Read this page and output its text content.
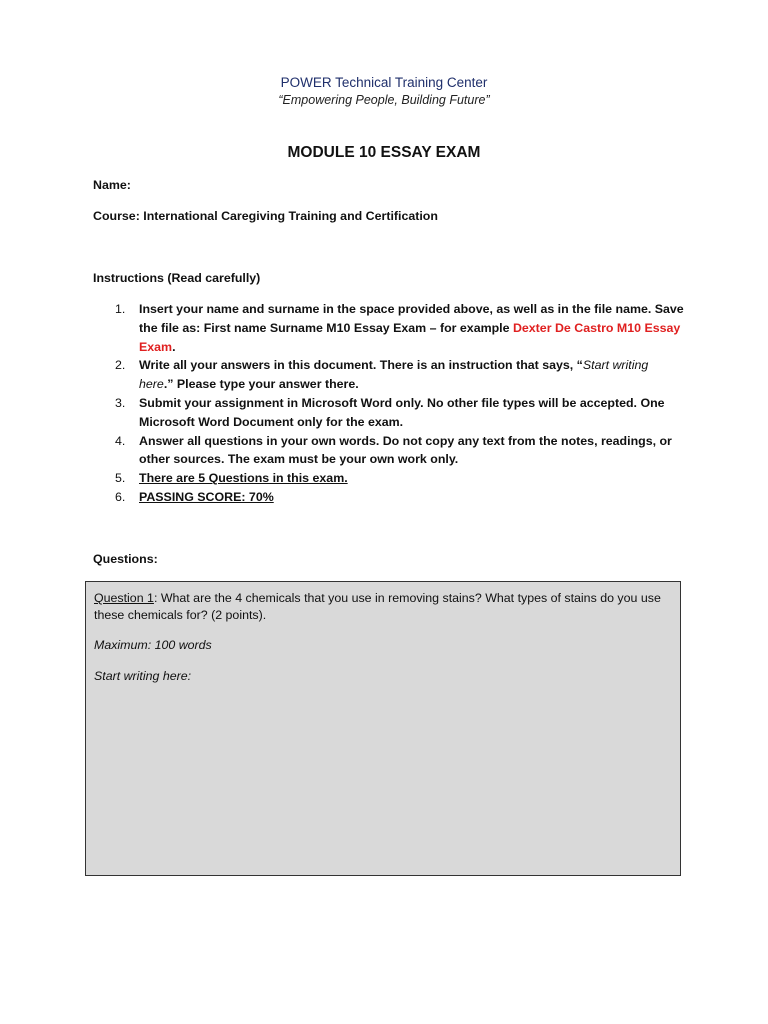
POWER Technical Training Center
“Empowering People, Building Future”
MODULE 10 ESSAY EXAM
Name:
Course: International Caregiving Training and Certification
Instructions (Read carefully)
1. Insert your name and surname in the space provided above, as well as in the file name. Save the file as: First name Surname M10 Essay Exam – for example Dexter De Castro M10 Essay Exam.
2. Write all your answers in this document. There is an instruction that says, “Start writing here.” Please type your answer there.
3. Submit your assignment in Microsoft Word only. No other file types will be accepted. One Microsoft Word Document only for the exam.
4. Answer all questions in your own words. Do not copy any text from the notes, readings, or other sources. The exam must be your own work only.
5. There are 5 Questions in this exam.
6. PASSING SCORE: 70%
Questions:
Question 1: What are the 4 chemicals that you use in removing stains? What types of stains do you use these chemicals for? (2 points).
Maximum: 100 words
Start writing here:
